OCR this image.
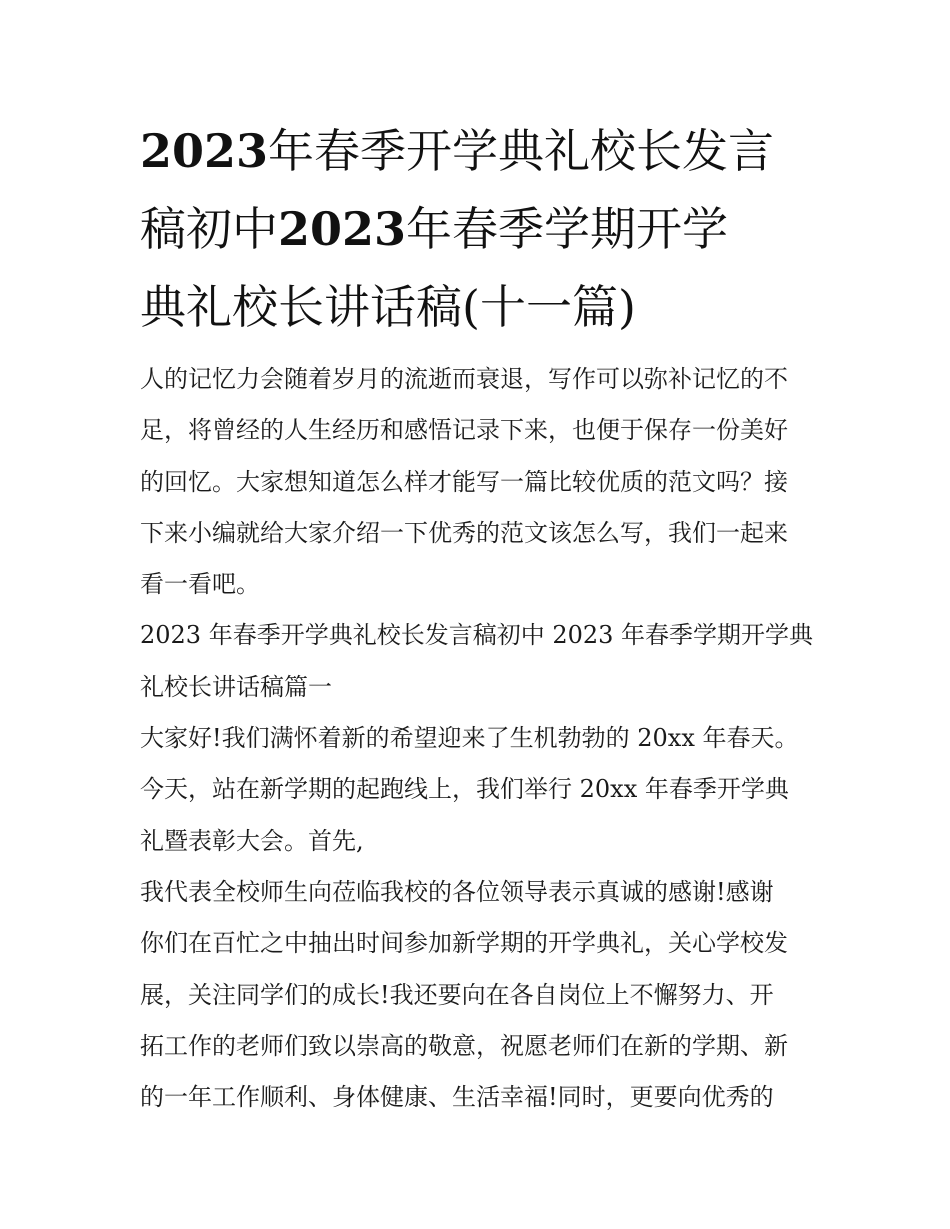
2023年春季开学典礼校长发言
稿初中2023年春季学期开学
典礼校长讲话稿(十一篇)
人的记忆力会随着岁月的流逝而衰退，写作可以弥补记忆的不
足，将曾经的人生经历和感悟记录下来，也便于保存一份美好
的回忆。大家想知道怎么样才能写一篇比较优质的范文吗？接
下来小编就给大家介绍一下优秀的范文该怎么写，我们一起来
看一看吧。
2023 年春季开学典礼校长发言稿初中 2023 年春季学期开学典
礼校长讲话稿篇一
大家好!我们满怀着新的希望迎来了生机勃勃的 20xx 年春天。
今天，站在新学期的起跑线上，我们举行 20xx 年春季开学典
礼暨表彰大会。首先,
我代表全校师生向莅临我校的各位领导表示真诚的感谢!感谢
你们在百忙之中抽出时间参加新学期的开学典礼，关心学校发
展，关注同学们的成长!我还要向在各自岗位上不懈努力、开
拓工作的老师们致以崇高的敬意，祝愿老师们在新的学期、新
的一年工作顺利、身体健康、生活幸福!同时，更要向优秀的
